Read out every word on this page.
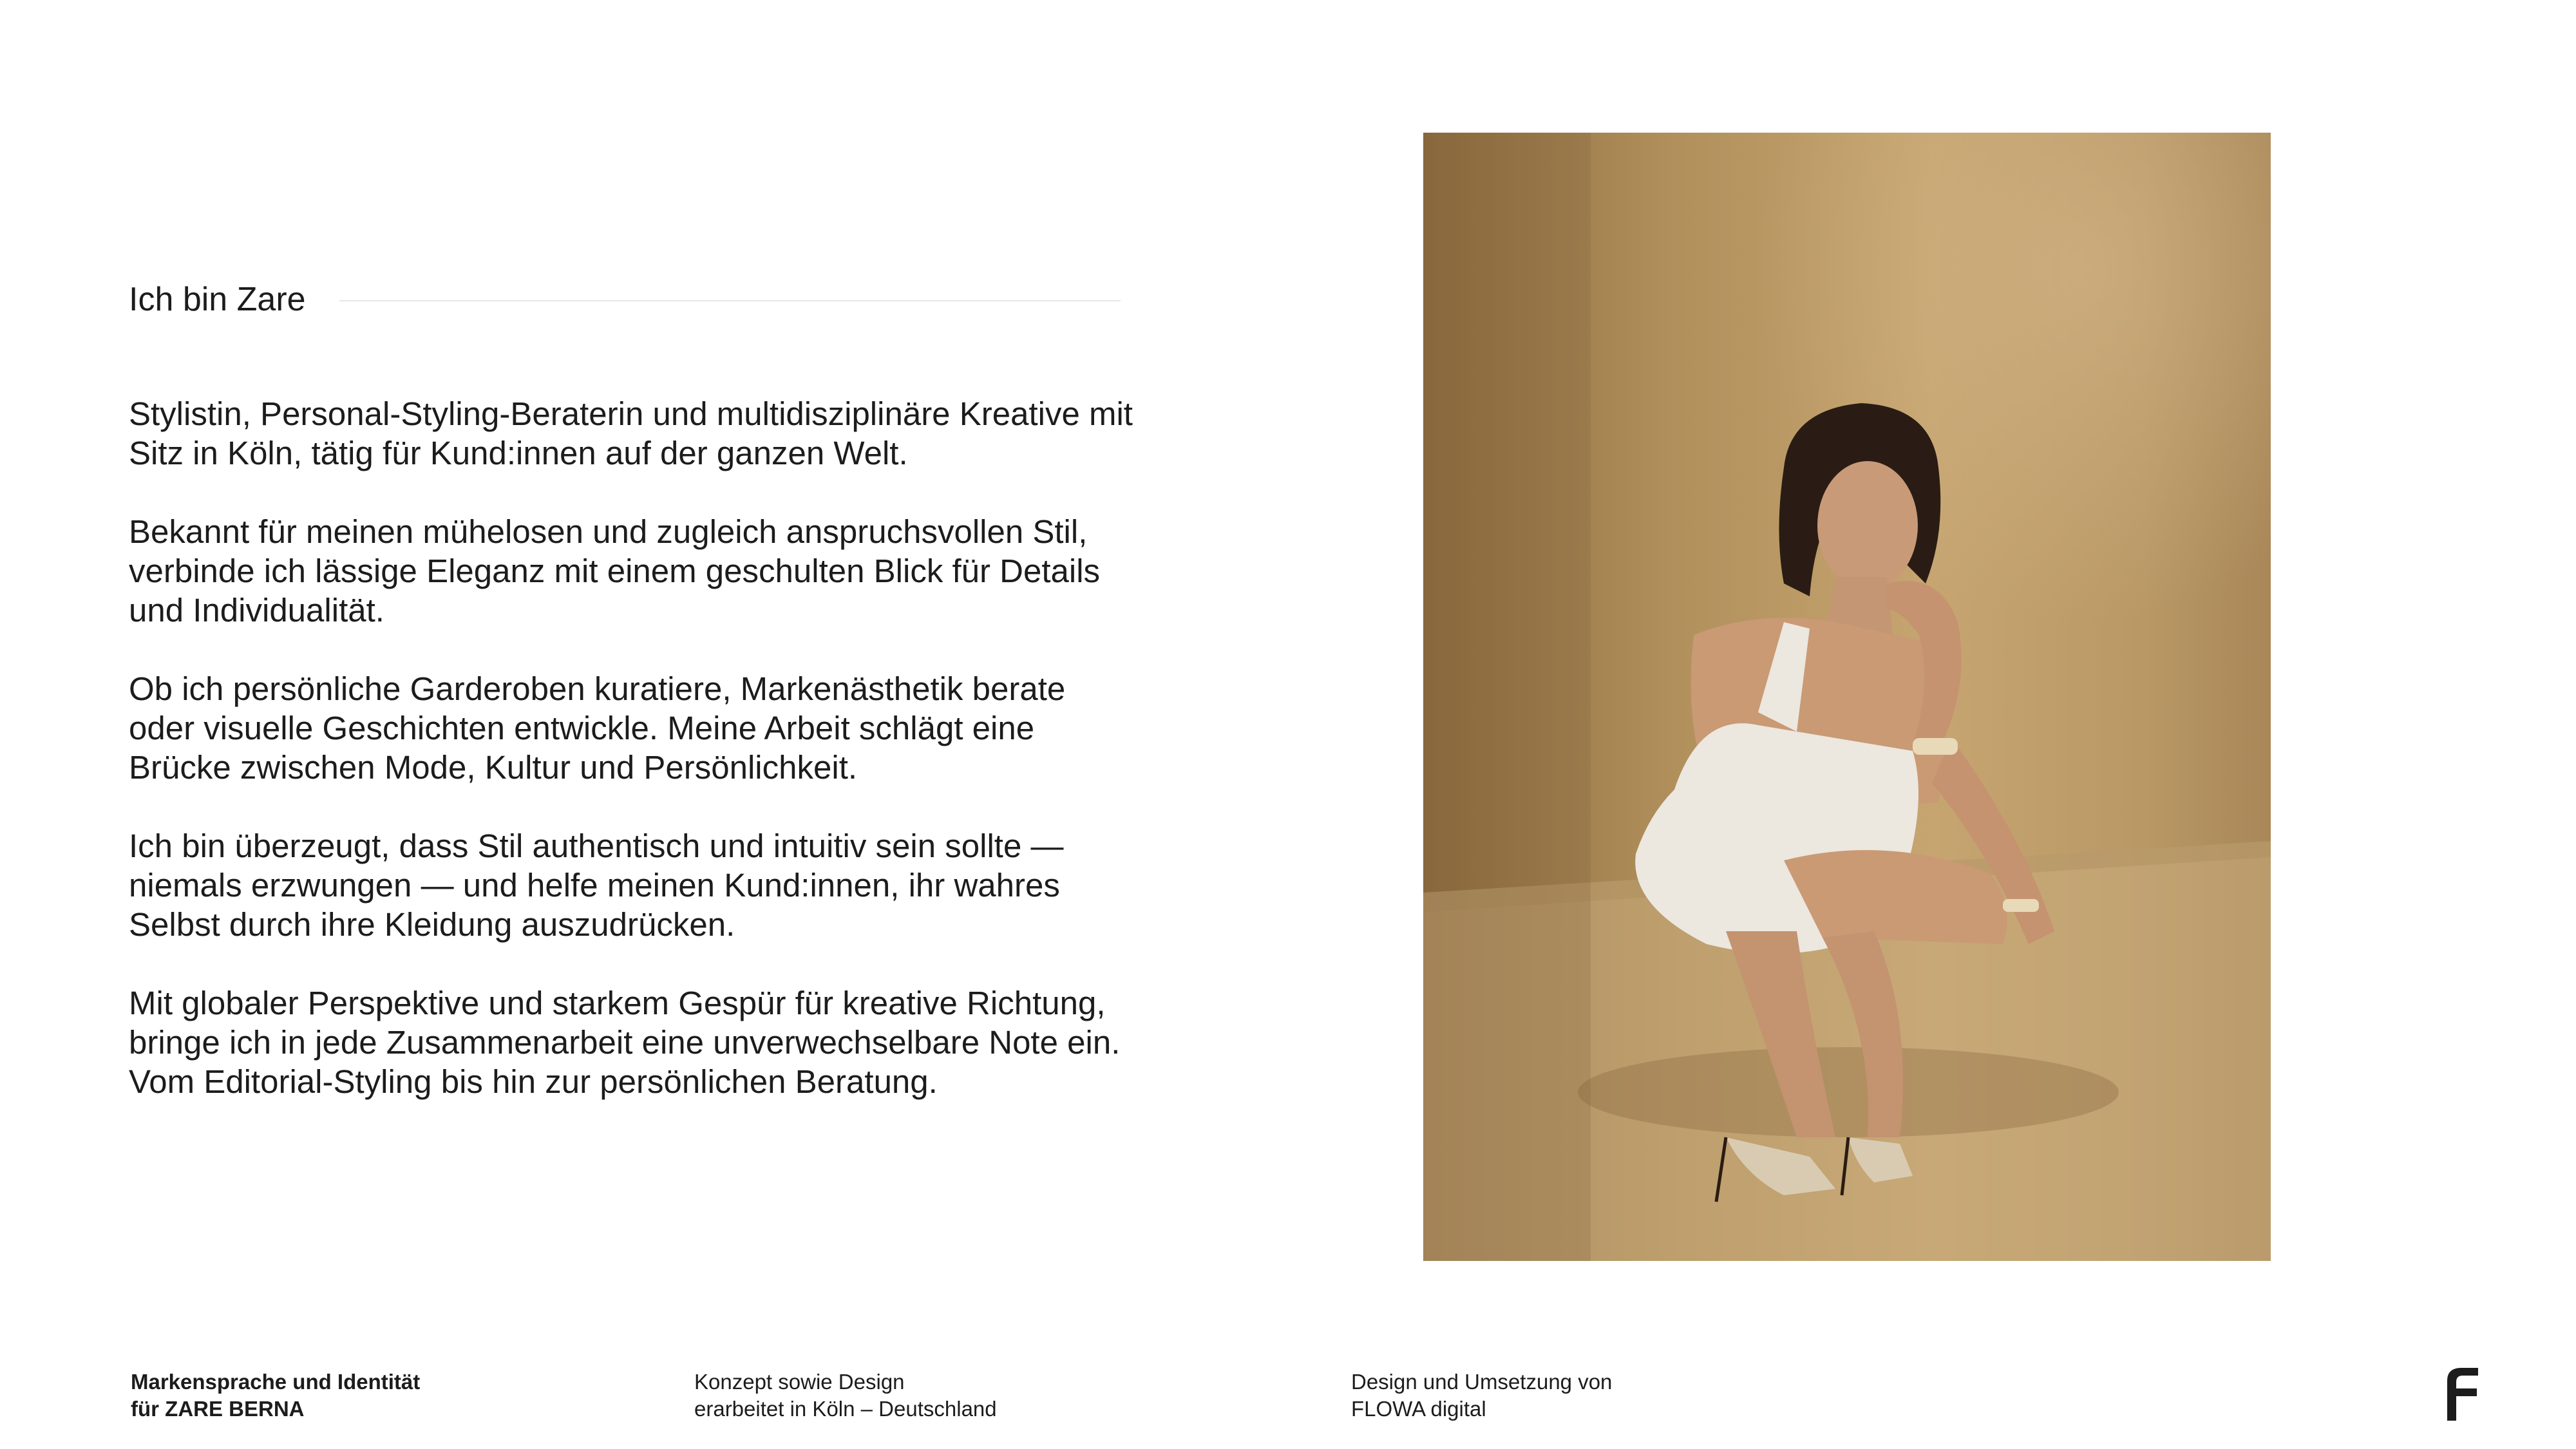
Ich bin Zare

Stylistin, Personal-Styling-Beraterin und multidisziplinäre Kreative mit Sitz in Köln, tätig für Kund:innen auf der ganzen Welt.

Bekannt für meinen mühelosen und zugleich anspruchsvollen Stil, verbinde ich lässige Eleganz mit einem geschulten Blick für Details und Individualität.

Ob ich persönliche Garderoben kuratiere, Markenästhetik berate oder visuelle Geschichten entwickle. Meine Arbeit schlägt eine Brücke zwischen Mode, Kultur und Persönlichkeit.

Ich bin überzeugt, dass Stil authentisch und intuitiv sein sollte — niemals erzwungen — und helfe meinen Kund:innen, ihr wahres Selbst durch ihre Kleidung auszudrücken.

Mit globaler Perspektive und starkem Gespür für kreative Richtung, bringe ich in jede Zusammenarbeit eine unverwechselbare Note ein. Vom Editorial-Styling bis hin zur persönlichen Beratung.

Markensprache und Identität
für ZARE BERNA
Konzept sowie Design
erarbeitet in Köln – Deutschland
Design und Umsetzung von
FLOWA digital
